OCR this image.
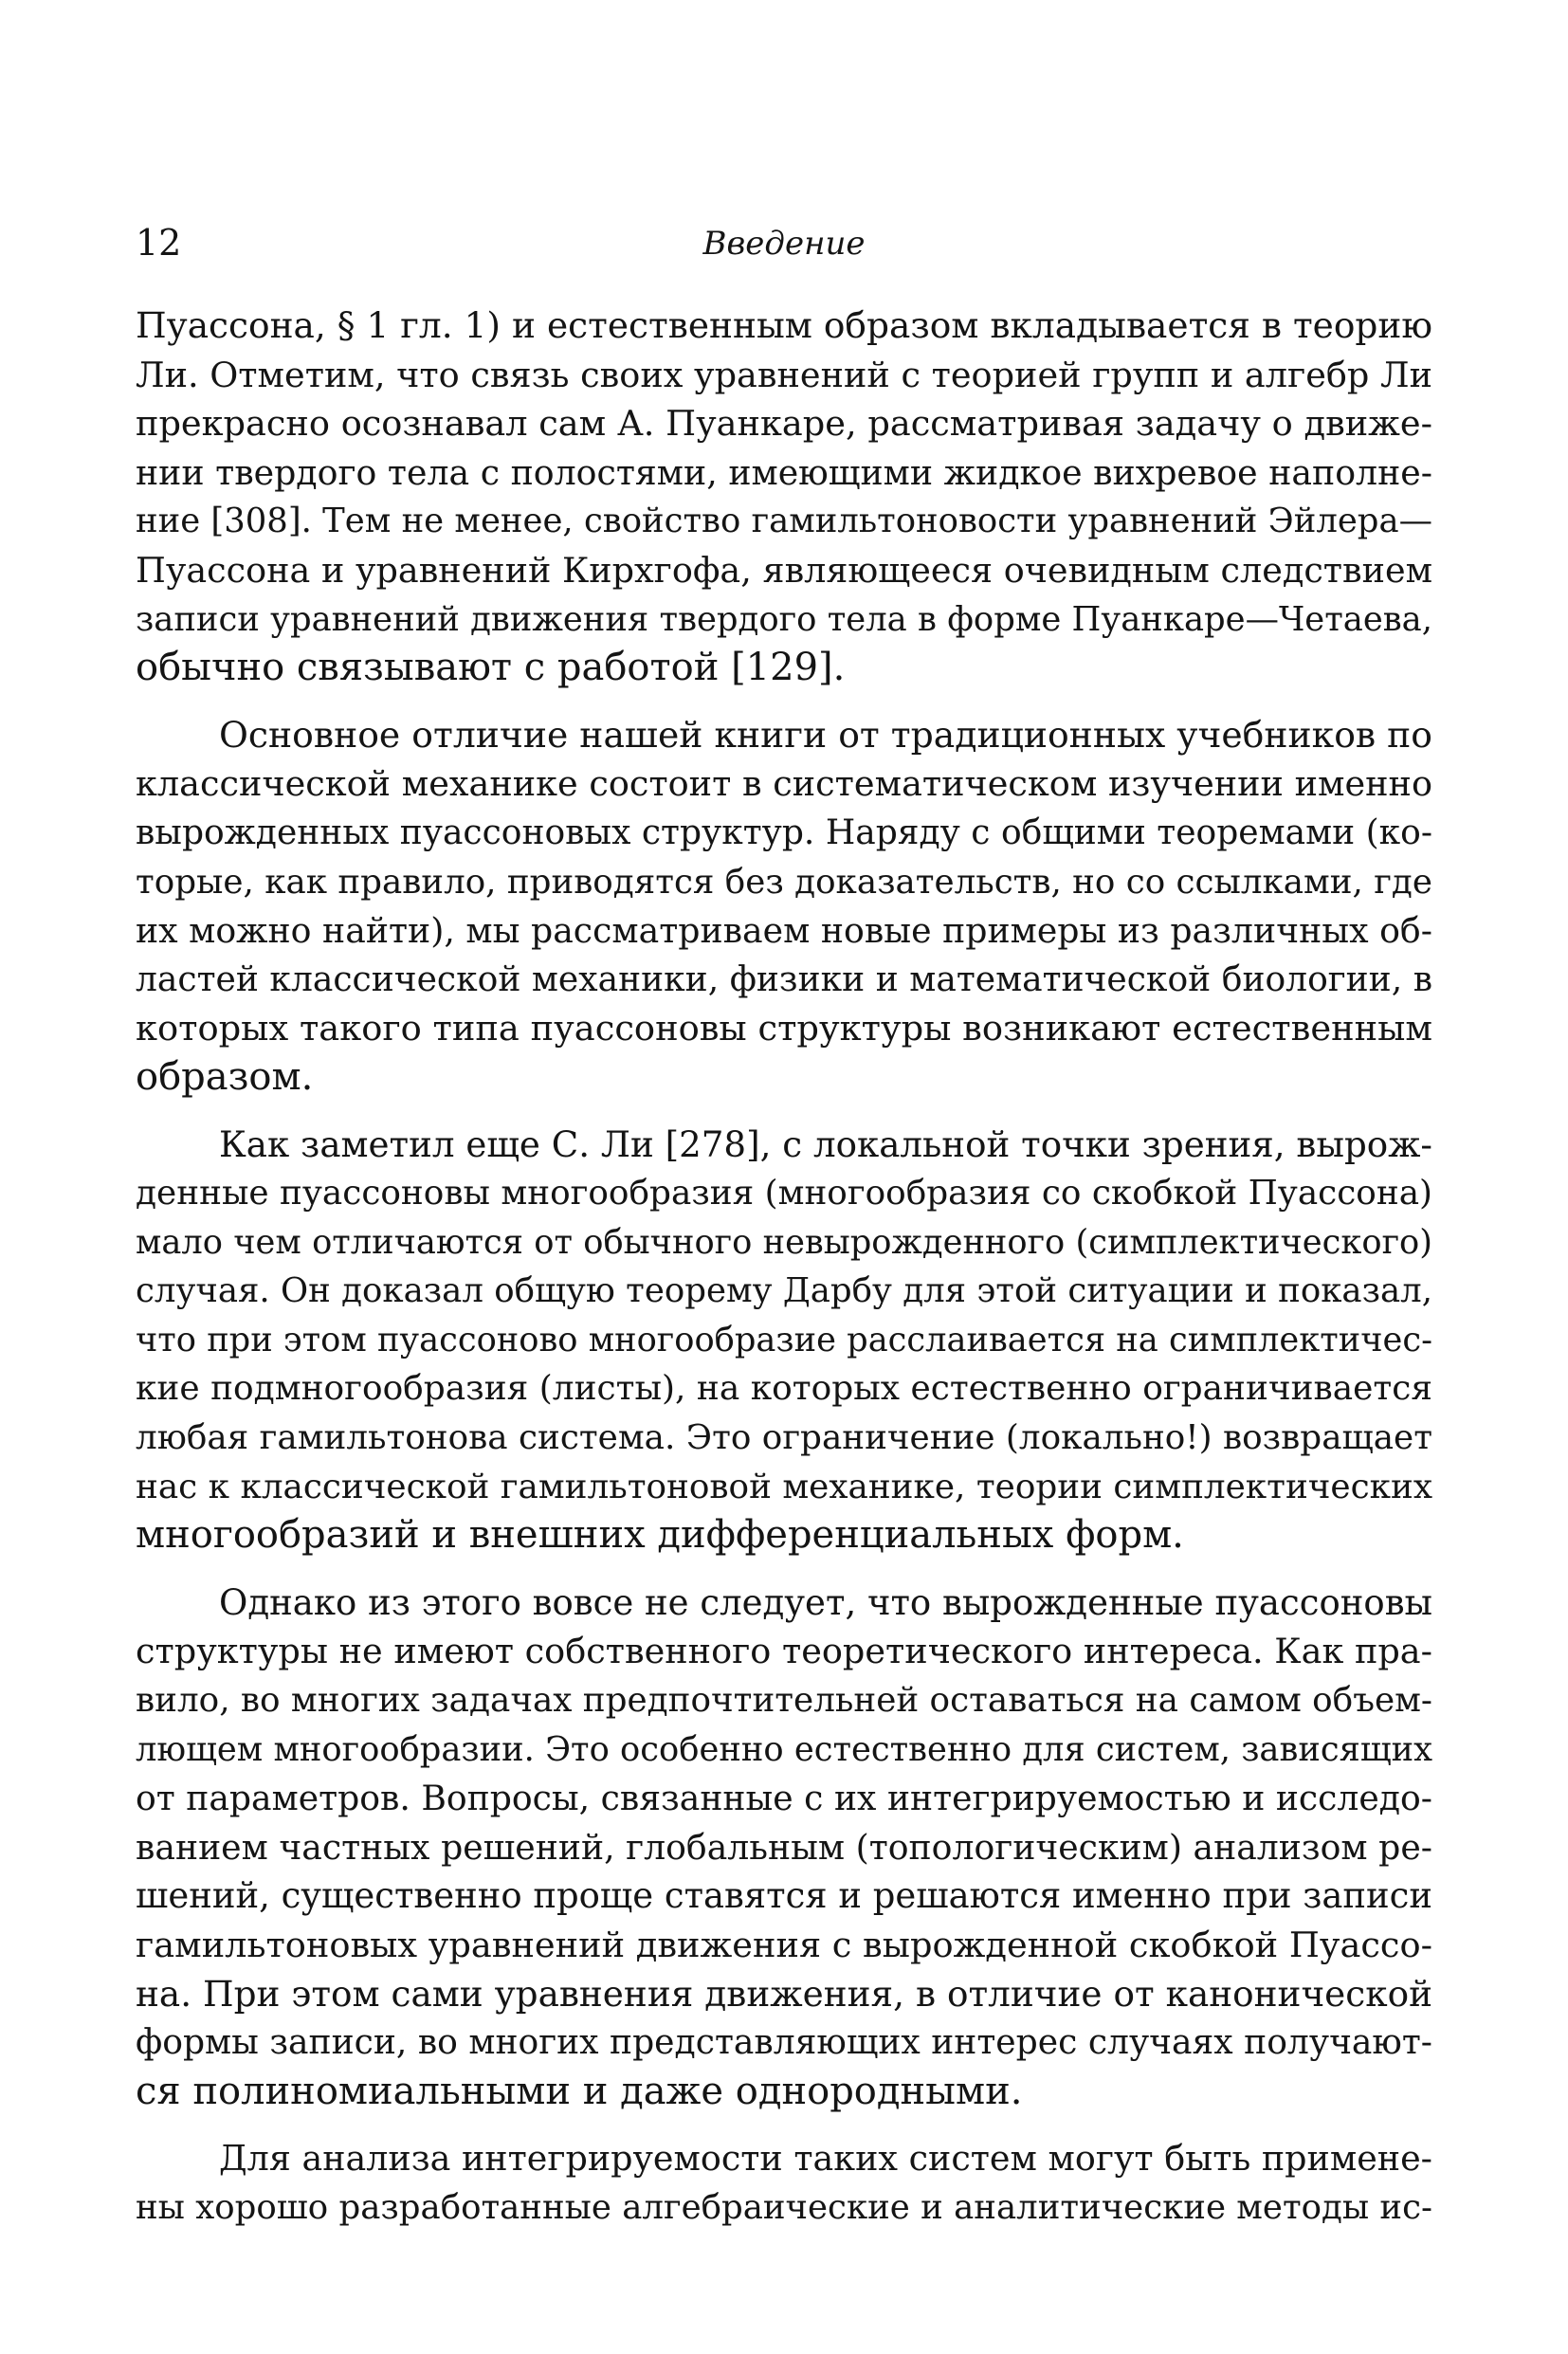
12	Введение

Пуассона, § 1 гл. 1) и естественным образом вкладывается в теорию
Ли. Отметим, что связь своих уравнений с теорией групп и алгебр Ли
прекрасно осознавал сам А. Пуанкаре, рассматривая задачу о движе-
нии твердого тела с полостями, имеющими жидкое вихревое наполне-
ние [308]. Тем не менее, свойство гамильтоновости уравнений Эйлера—
Пуассона и уравнений Кирхгофа, являющееся очевидным следствием
записи уравнений движения твердого тела в форме Пуанкаре—Четаева,
обычно связывают с работой [129].

Основное отличие нашей книги от традиционных учебников по
классической механике состоит в систематическом изучении именно
вырожденных пуассоновых структур. Наряду с общими теоремами (ко-
торые, как правило, приводятся без доказательств, но со ссылками, где
их можно найти), мы рассматриваем новые примеры из различных об-
ластей классической механики, физики и математической биологии, в
которых такого типа пуассоновы структуры возникают естественным
образом.

Как заметил еще С. Ли [278], с локальной точки зрения, вырож-
денные пуассоновы многообразия (многообразия со скобкой Пуассона)
мало чем отличаются от обычного невырожденного (симплектического)
случая. Он доказал общую теорему Дарбу для этой ситуации и показал,
что при этом пуассоново многообразие расслаивается на симплектичес-
кие подмногообразия (листы), на которых естественно ограничивается
любая гамильтонова система. Это ограничение (локально!) возвращает
нас к классической гамильтоновой механике, теории симплектических
многообразий и внешних дифференциальных форм.

Однако из этого вовсе не следует, что вырожденные пуассоновы
структуры не имеют собственного теоретического интереса. Как пра-
вило, во многих задачах предпочтительней оставаться на самом объем-
лющем многообразии. Это особенно естественно для систем, зависящих
от параметров. Вопросы, связанные с их интегрируемостью и исследо-
ванием частных решений, глобальным (топологическим) анализом ре-
шений, существенно проще ставятся и решаются именно при записи
гамильтоновых уравнений движения с вырожденной скобкой Пуассо-
на. При этом сами уравнения движения, в отличие от канонической
формы записи, во многих представляющих интерес случаях получают-
ся полиномиальными и даже однородными.

Для анализа интегрируемости таких систем могут быть примене-
ны хорошо разработанные алгебраические и аналитические методы ис-
